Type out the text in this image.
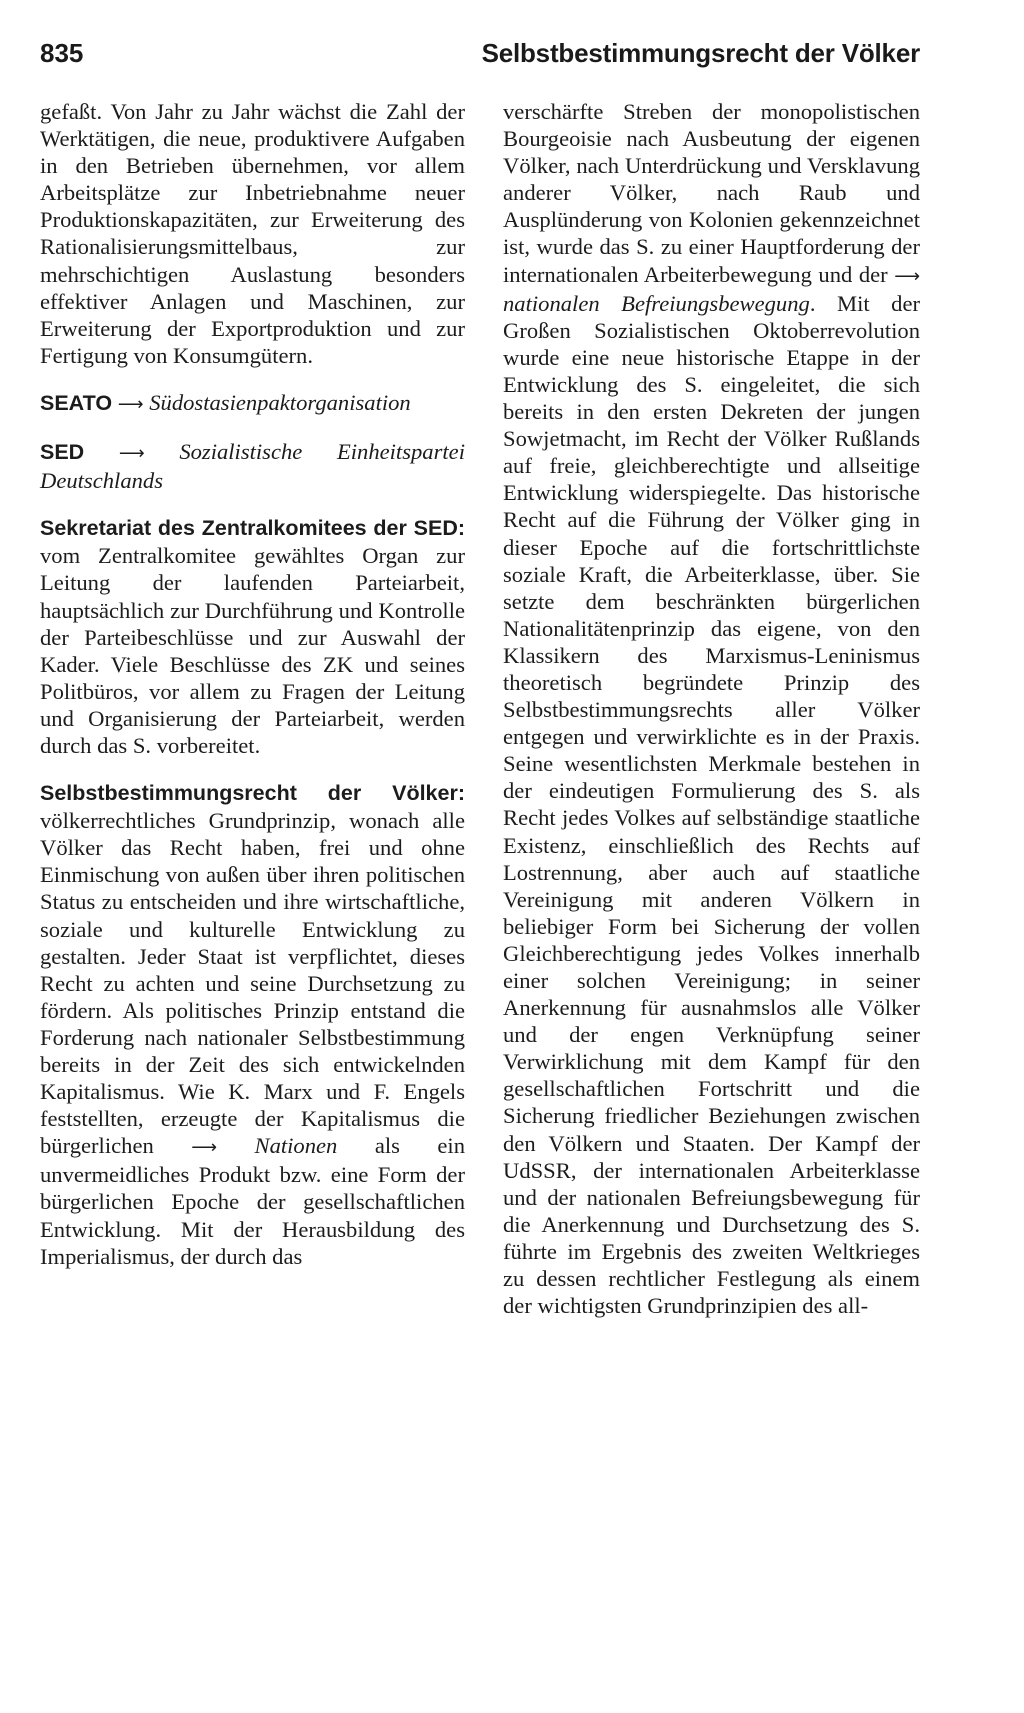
835	Selbstbestimmungsrecht der Völker

gefaßt. Von Jahr zu Jahr wächst die Zahl der Werktätigen, die neue, produktivere Aufgaben in den Betrieben übernehmen, vor allem Arbeitsplätze zur Inbetriebnahme neuer Produktionskapazitäten, zur Erweiterung des Rationalisierungsmittelbaus, zur mehrschichtigen Auslastung besonders effektiver Anlagen und Maschinen, zur Erweiterung der Exportproduktion und zur Fertigung von Konsumgütern.

SEATO ⟶ Südostasienpaktorganisation

SED ⟶ Sozialistische Einheitspartei Deutschlands

Sekretariat des Zentralkomitees der SED: vom Zentralkomitee gewähltes Organ zur Leitung der laufenden Parteiarbeit, hauptsächlich zur Durchführung und Kontrolle der Parteibeschlüsse und zur Auswahl der Kader. Viele Beschlüsse des ZK und seines Politbüros, vor allem zu Fragen der Leitung und Organisierung der Parteiarbeit, werden durch das S. vorbereitet.

Selbstbestimmungsrecht der Völker: völkerrechtliches Grundprinzip, wonach alle Völker das Recht haben, frei und ohne Einmischung von außen über ihren politischen Status zu entscheiden und ihre wirtschaftliche, soziale und kulturelle Entwicklung zu gestalten. Jeder Staat ist verpflichtet, dieses Recht zu achten und seine Durchsetzung zu fördern. Als politisches Prinzip entstand die Forderung nach nationaler Selbstbestimmung bereits in der Zeit des sich entwickelnden Kapitalismus. Wie K. Marx und F. Engels feststellten, erzeugte der Kapitalismus die bürgerlichen ⟶ Nationen als ein unvermeidliches Produkt bzw. eine Form der bürgerlichen Epoche der gesellschaftlichen Entwicklung. Mit der Herausbildung des Imperialismus, der durch das

verschärfte Streben der monopolistischen Bourgeoisie nach Ausbeutung der eigenen Völker, nach Unterdrückung und Versklavung anderer Völker, nach Raub und Ausplünderung von Kolonien gekennzeichnet ist, wurde das S. zu einer Hauptforderung der internationalen Arbeiterbewegung und der ⟶ nationalen Befreiungsbewegung. Mit der Großen Sozialistischen Oktoberrevolution wurde eine neue historische Etappe in der Entwicklung des S. eingeleitet, die sich bereits in den ersten Dekreten der jungen Sowjetmacht, im Recht der Völker Rußlands auf freie, gleichberechtigte und allseitige Entwicklung widerspiegelte. Das historische Recht auf die Führung der Völker ging in dieser Epoche auf die fortschrittlichste soziale Kraft, die Arbeiterklasse, über. Sie setzte dem beschränkten bürgerlichen Nationalitätenprinzip das eigene, von den Klassikern des Marxismus-Leninismus theoretisch begründete Prinzip des Selbstbestimmungsrechts aller Völker entgegen und verwirklichte es in der Praxis. Seine wesentlichsten Merkmale bestehen in der eindeutigen Formulierung des S. als Recht jedes Volkes auf selbständige staatliche Existenz, einschließlich des Rechts auf Lostrennung, aber auch auf staatliche Vereinigung mit anderen Völkern in beliebiger Form bei Sicherung der vollen Gleichberechtigung jedes Volkes innerhalb einer solchen Vereinigung; in seiner Anerkennung für ausnahmslos alle Völker und der engen Verknüpfung seiner Verwirklichung mit dem Kampf für den gesellschaftlichen Fortschritt und die Sicherung friedlicher Beziehungen zwischen den Völkern und Staaten. Der Kampf der UdSSR, der internationalen Arbeiterklasse und der nationalen Befreiungsbewegung für die Anerkennung und Durchsetzung des S. führte im Ergebnis des zweiten Weltkrieges zu dessen rechtlicher Festlegung als einem der wichtigsten Grundprinzipien des all-
